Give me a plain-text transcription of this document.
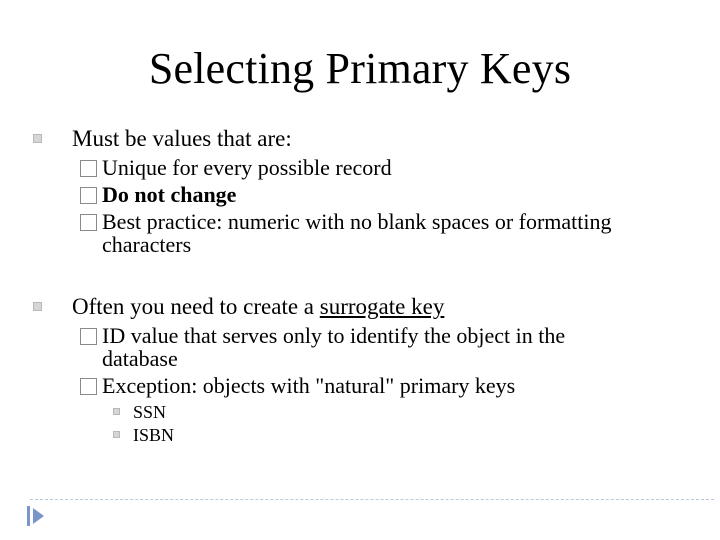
Selecting Primary Keys
Must be values that are:
Unique for every possible record
Do not change
Best practice: numeric with no blank spaces or formatting characters
Often you need to create a surrogate key
ID value that serves only to identify the object in the database
Exception: objects with "natural" primary keys
SSN
ISBN
